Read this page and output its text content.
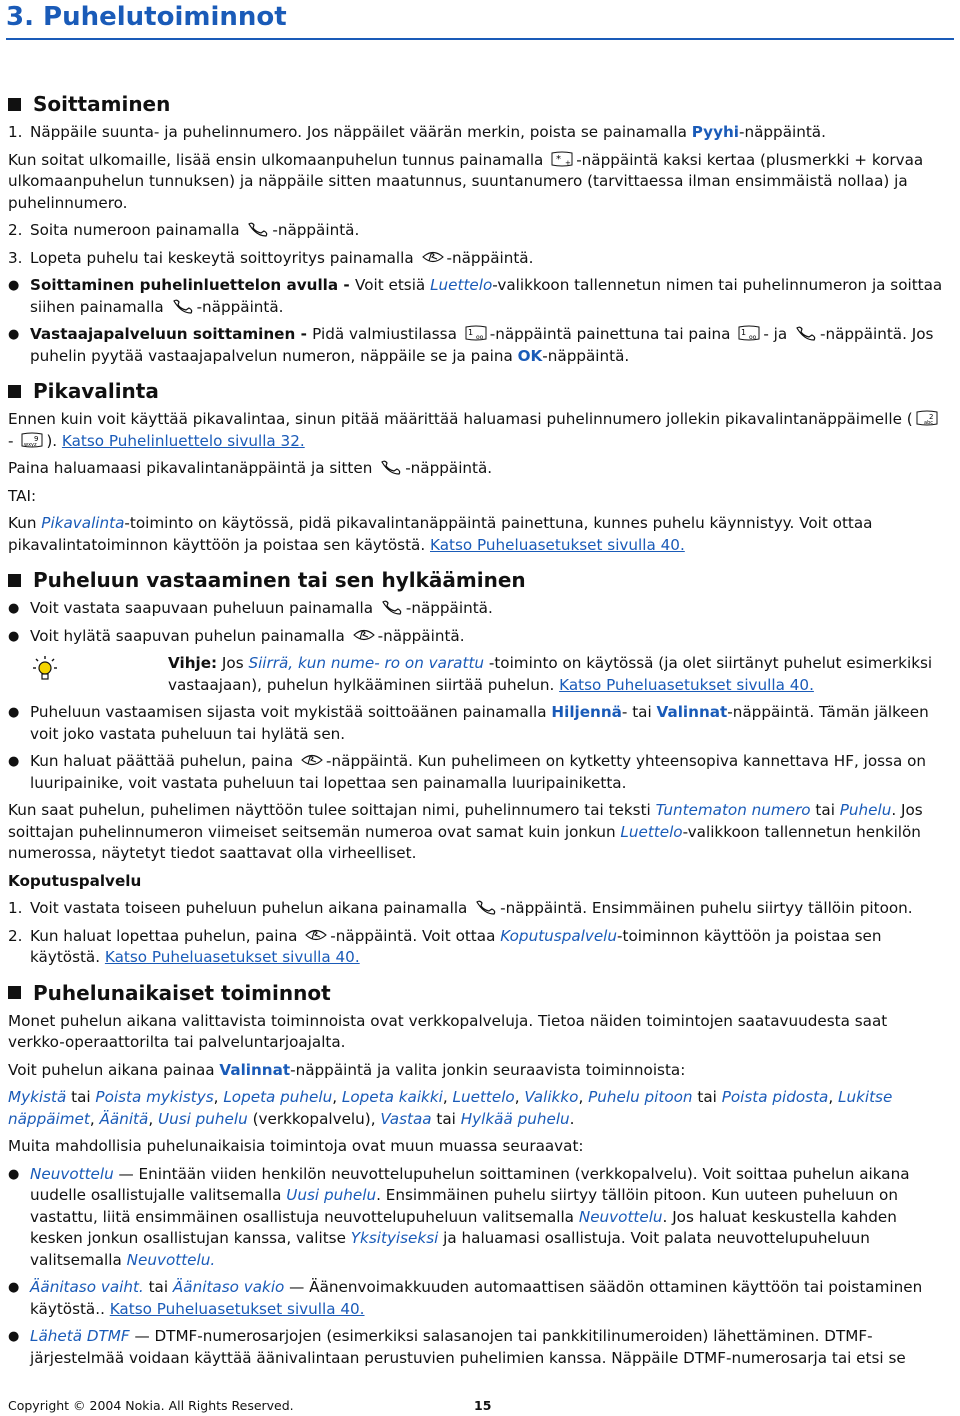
3. Puhelutoiminnot
Soittaminen
1. Näppäile suunta- ja puhelinnumero. Jos näppäilet väärän merkin, poista se painamalla Pyyhi-näppäintä.

Kun soitat ulkomaille, lisää ensin ulkomaanpuhelun tunnus painamalla * + -näppäintä kaksi kertaa (plusmerkki + korvaa ulkomaanpuhelun tunnuksen) ja näppäile sitten maatunnus, suuntanumero (tarvittaessa ilman ensimmäistä nollaa) ja puhelinnumero.

2. Soita numeroon painamalla
-näppäintä.
3. Lopeta puhelu tai keskeytä soittoyritys painamalla
-näppäintä.
● Soittaminen puhelinluettelon avulla - Voit etsiä Luettelo-valikkoon tallennetun nimen tai puhelinnumeron ja soittaa siihen painamalla
-näppäintä.
● Vastaajapalveluun soittaminen - Pidä valmiustilassa 1
oo -näppäintä painettuna tai paina 1
oo - ja
-näppäintä. Jos puhelin pyytää vastaajapalvelun numeron, näppäile se ja paina OK-näppäintä.
Pikavalinta

Ennen kuin voit käyttää pikavalintaa, sinun pitää määrittää haluamasi puhelinnumero jollekin pikavalintanäppäimelle ( 2
abc
- 9
wxyz ). Katso Puhelinluettelo sivulla 32.

Paina haluamaasi pikavalintanäppäintä ja sitten
-näppäintä.

TAI:

Kun Pikavalinta-toiminto on käytössä, pidä pikavalintanäppäintä painettuna, kunnes puhelu käynnistyy. Voit ottaa pikavalintatoiminnon käyttöön ja poistaa sen käytöstä. Katso Puheluasetukset sivulla 40.

Puheluun vastaaminen tai sen hylkääminen
● Voit vastata saapuvaan puheluun painamalla
-näppäintä.
● Voit hylätä saapuvan puhelun painamalla
-näppäintä.
Vihje: Jos Siirrä, kun nume- ro on varattu -toiminto on käytössä (ja olet siirtänyt puhelut esimerkiksi vastaajaan), puhelun hylkääminen siirtää puhelun. Katso Puheluasetukset sivulla 40.
● Puheluun vastaamisen sijasta voit mykistää soittoäänen painamalla Hiljennä- tai Valinnat-näppäintä. Tämän jälkeen voit joko vastata puheluun tai hylätä sen.
● Kun haluat päättää puhelun, paina
-näppäintä. Kun puhelimeen on kytketty yhteensopiva kannettava HF, jossa on luuripainike, voit vastata puheluun tai lopettaa sen painamalla luuripainiketta.

Kun saat puhelun, puhelimen näyttöön tulee soittajan nimi, puhelinnumero tai teksti Tuntematon numero tai Puhelu. Jos soittajan puhelinnumeron viimeiset seitsemän numeroa ovat samat kuin jonkun Luettelo-valikkoon tallennetun henkilön numerossa, näytetyt tiedot saattavat olla virheelliset.

Koputuspalvelu
1. Voit vastata toiseen puheluun puhelun aikana painamalla
-näppäintä. Ensimmäinen puhelu siirtyy tällöin pitoon.
2. Kun haluat lopettaa puhelun, paina
-näppäintä. Voit ottaa Koputuspalvelu-toiminnon käyttöön ja poistaa sen käytöstä. Katso Puheluasetukset sivulla 40.
Puhelunaikaiset toiminnot

Monet puhelun aikana valittavista toiminnoista ovat verkkopalveluja. Tietoa näiden toimintojen saatavuudesta saat verkko-operaattorilta tai palveluntarjoajalta.

Voit puhelun aikana painaa Valinnat-näppäintä ja valita jonkin seuraavista toiminnoista:

Mykistä tai Poista mykistys, Lopeta puhelu, Lopeta kaikki, Luettelo, Valikko, Puhelu pitoon tai Poista pidosta, Lukitse näppäimet, Äänitä, Uusi puhelu (verkkopalvelu), Vastaa tai Hylkää puhelu.

Muita mahdollisia puhelunaikaisia toimintoja ovat muun muassa seuraavat:

● Neuvottelu — Enintään viiden henkilön neuvottelupuhelun soittaminen (verkkopalvelu). Voit soittaa puhelun aikana uudelle osallistujalle valitsemalla Uusi puhelu. Ensimmäinen puhelu siirtyy tällöin pitoon. Kun uuteen puheluun on vastattu, liitä ensimmäinen osallistuja neuvottelupuheluun valitsemalla Neuvottelu. Jos haluat keskustella kahden kesken jonkun osallistujan kanssa, valitse Yksityiseksi ja haluamasi osallistuja. Voit palata neuvottelupuheluun valitsemalla Neuvottelu.
● Äänitaso vaiht. tai Äänitaso vakio — Äänenvoimakkuuden automaattisen säädön ottaminen käyttöön tai poistaminen käytöstä.. Katso Puheluasetukset sivulla 40.
● Lähetä DTMF — DTMF-numerosarjojen (esimerkiksi salasanojen tai pankkitilinumeroiden) lähettäminen. DTMF-järjestelmää voidaan käyttää äänivalintaan perustuvien puhelimien kanssa. Näppäile DTMF-numerosarja tai etsi se
Copyright © 2004 Nokia. All Rights Reserved.	15
